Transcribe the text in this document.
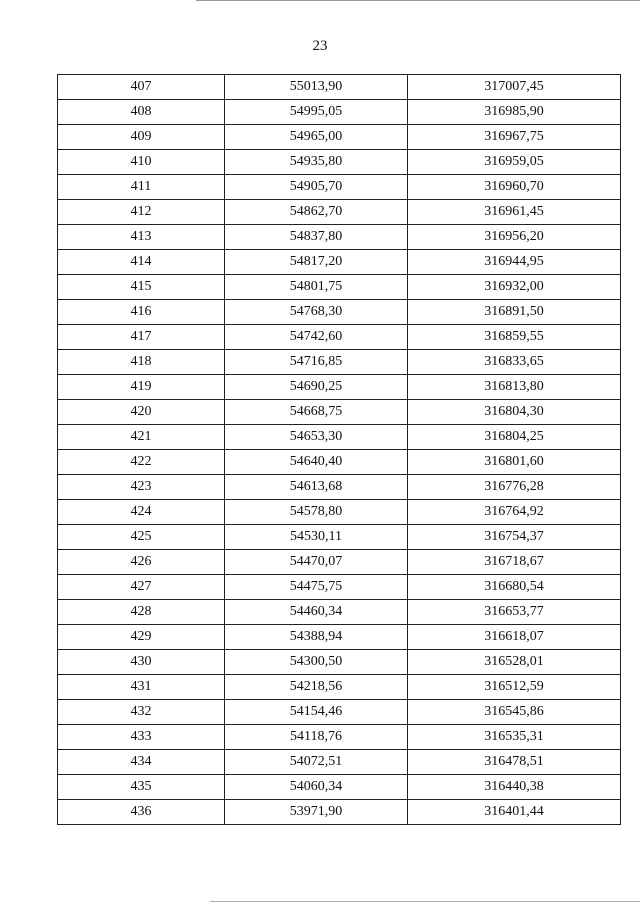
23
407	55013,90	317007,45
408	54995,05	316985,90
409	54965,00	316967,75
410	54935,80	316959,05
411	54905,70	316960,70
412	54862,70	316961,45
413	54837,80	316956,20
414	54817,20	316944,95
415	54801,75	316932,00
416	54768,30	316891,50
417	54742,60	316859,55
418	54716,85	316833,65
419	54690,25	316813,80
420	54668,75	316804,30
421	54653,30	316804,25
422	54640,40	316801,60
423	54613,68	316776,28
424	54578,80	316764,92
425	54530,11	316754,37
426	54470,07	316718,67
427	54475,75	316680,54
428	54460,34	316653,77
429	54388,94	316618,07
430	54300,50	316528,01
431	54218,56	316512,59
432	54154,46	316545,86
433	54118,76	316535,31
434	54072,51	316478,51
435	54060,34	316440,38
436	53971,90	316401,44
